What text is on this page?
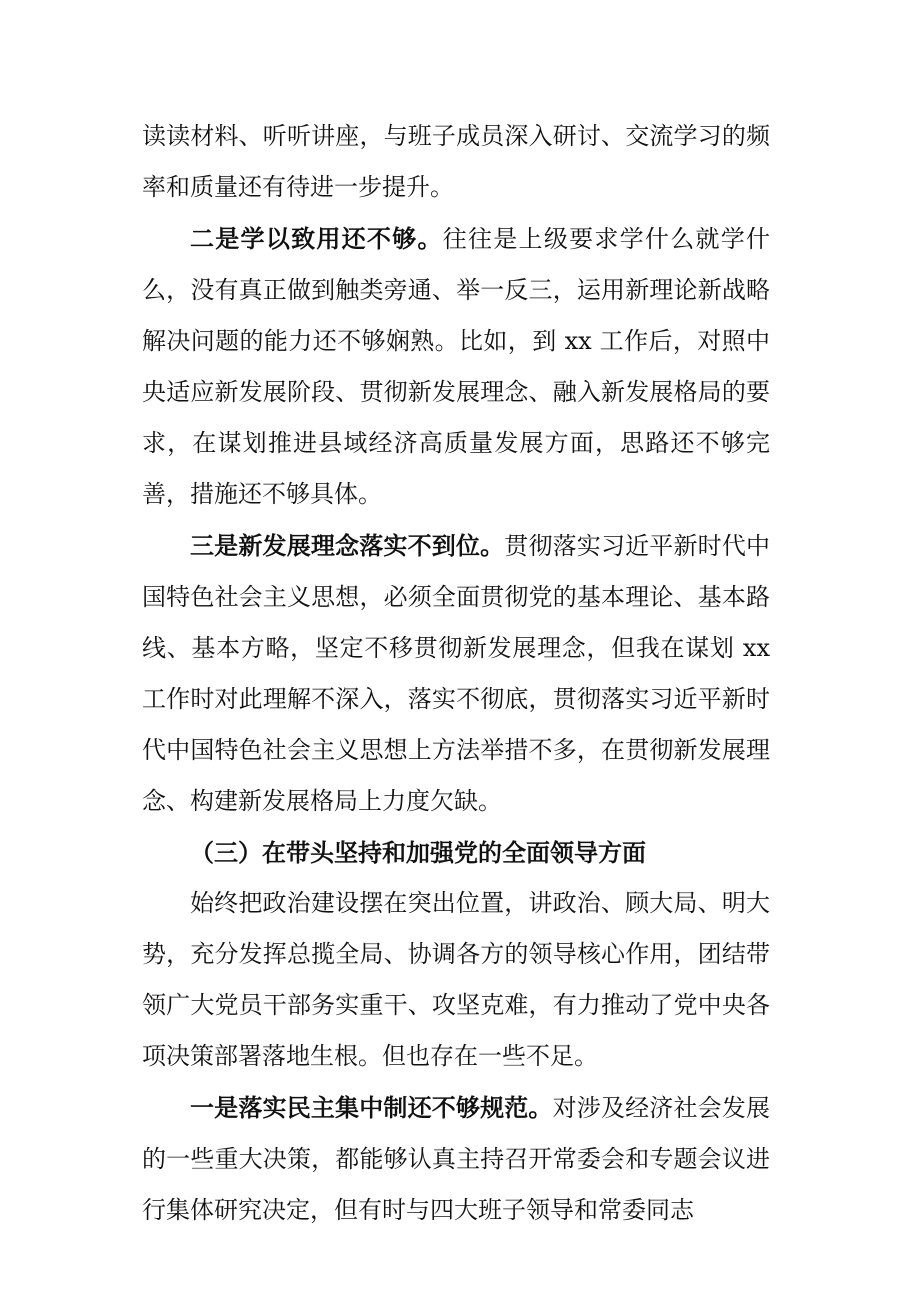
读读材料、听听讲座，与班子成员深入研讨、交流学习的频率和质量还有待进一步提升。

二是学以致用还不够。往往是上级要求学什么就学什么，没有真正做到触类旁通、举一反三，运用新理论新战略解决问题的能力还不够娴熟。比如，到 xx 工作后，对照中央适应新发展阶段、贯彻新发展理念、融入新发展格局的要求，在谋划推进县域经济高质量发展方面，思路还不够完善，措施还不够具体。

三是新发展理念落实不到位。贯彻落实习近平新时代中国特色社会主义思想，必须全面贯彻党的基本理论、基本路线、基本方略，坚定不移贯彻新发展理念，但我在谋划 xx 工作时对此理解不深入，落实不彻底，贯彻落实习近平新时代中国特色社会主义思想上方法举措不多，在贯彻新发展理念、构建新发展格局上力度欠缺。

（三）在带头坚持和加强党的全面领导方面

始终把政治建设摆在突出位置，讲政治、顾大局、明大势，充分发挥总揽全局、协调各方的领导核心作用，团结带领广大党员干部务实重干、攻坚克难，有力推动了党中央各项决策部署落地生根。但也存在一些不足。

一是落实民主集中制还不够规范。对涉及经济社会发展的一些重大决策，都能够认真主持召开常委会和专题会议进行集体研究决定，但有时与四大班子领导和常委同志
